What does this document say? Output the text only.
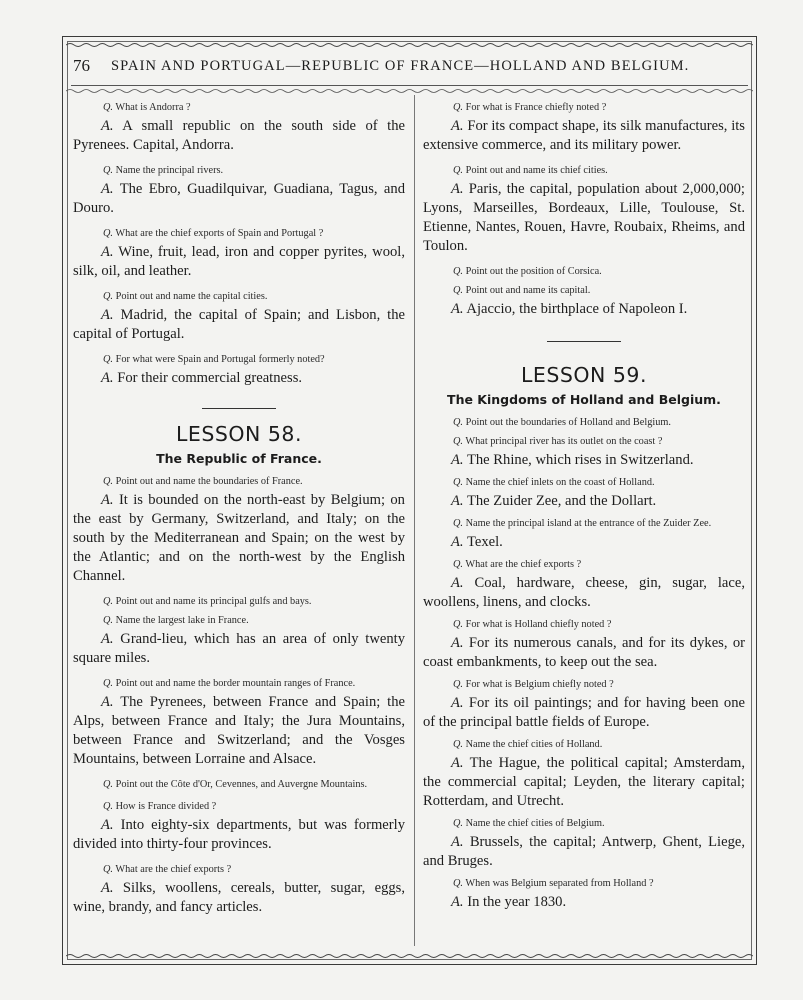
76 SPAIN AND PORTUGAL—REPUBLIC OF FRANCE—HOLLAND AND BELGIUM.

Q. What is Andorra ?

A. A small republic on the south side of the Pyrenees. Capital, Andorra.

Q. Name the principal rivers.

A. The Ebro, Guadilquivar, Guadiana, Tagus, and Douro.

Q. What are the chief exports of Spain and Portugal ?

A. Wine, fruit, lead, iron and copper pyrites, wool, silk, oil, and leather.

Q. Point out and name the capital cities.

A. Madrid, the capital of Spain; and Lisbon, the capital of Portugal.

Q. For what were Spain and Portugal formerly noted?

A. For their commercial greatness.

LESSON 58.

The Republic of France.

Q. Point out and name the boundaries of France.

A. It is bounded on the north-east by Belgium; on the east by Germany, Switzerland, and Italy; on the south by the Mediterranean and Spain; on the west by the Atlantic; and on the north-west by the English Channel.

Q. Point out and name its principal gulfs and bays.

Q. Name the largest lake in France.

A. Grand-lieu, which has an area of only twenty square miles.

Q. Point out and name the border mountain ranges of France.

A. The Pyrenees, between France and Spain; the Alps, between France and Italy; the Jura Mountains, between France and Switzerland; and the Vosges Mountains, between Lorraine and Alsace.

Q. Point out the Côte d'Or, Cevennes, and Auvergne Mountains.

Q. How is France divided ?

A. Into eighty-six departments, but was formerly divided into thirty-four provinces.

Q. What are the chief exports ?

A. Silks, woollens, cereals, butter, sugar, eggs, wine, brandy, and fancy articles.

Q. For what is France chiefly noted ?

A. For its compact shape, its silk manufactures, its extensive commerce, and its military power.

Q. Point out and name its chief cities.

A. Paris, the capital, population about 2,000,000; Lyons, Marseilles, Bordeaux, Lille, Toulouse, St. Etienne, Nantes, Rouen, Havre, Roubaix, Rheims, and Toulon.

Q. Point out the position of Corsica.

Q. Point out and name its capital.

A. Ajaccio, the birthplace of Napoleon I.

LESSON 59.

The Kingdoms of Holland and Belgium.

Q. Point out the boundaries of Holland and Belgium.

Q. What principal river has its outlet on the coast ?

A. The Rhine, which rises in Switzerland.

Q. Name the chief inlets on the coast of Holland.

A. The Zuider Zee, and the Dollart.

Q. Name the principal island at the entrance of the Zuider Zee.

A. Texel.

Q. What are the chief exports ?

A. Coal, hardware, cheese, gin, sugar, lace, woollens, linens, and clocks.

Q. For what is Holland chiefly noted ?

A. For its numerous canals, and for its dykes, or coast embankments, to keep out the sea.

Q. For what is Belgium chiefly noted ?

A. For its oil paintings; and for having been one of the principal battle fields of Europe.

Q. Name the chief cities of Holland.

A. The Hague, the political capital; Amsterdam, the commercial capital; Leyden, the literary capital; Rotterdam, and Utrecht.

Q. Name the chief cities of Belgium.

A. Brussels, the capital; Antwerp, Ghent, Liege, and Bruges.

Q. When was Belgium separated from Holland ?

A. In the year 1830.
